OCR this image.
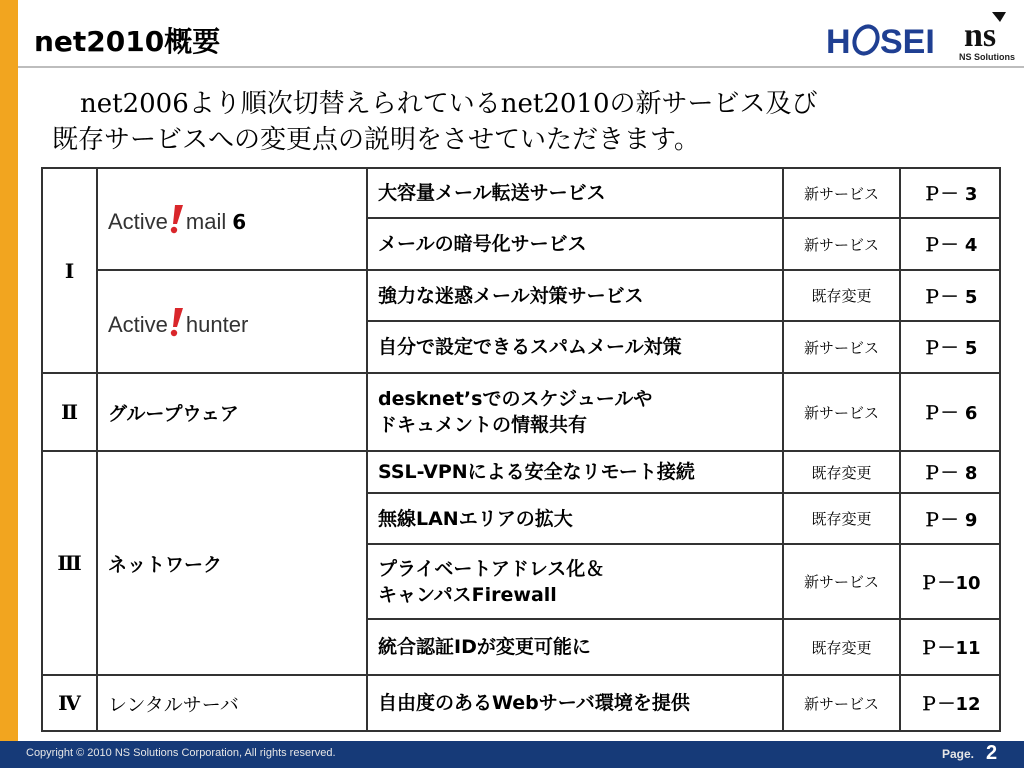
net2010概要	H SEI ns
NS Solutions
net2006より順次切替えられているnet2010の新サービス及び
既存サービスへの変更点の説明をさせていただきます。
Ⅰ	Active mail 6	大容量メール転送サービス	新サービス	Ｐ－ 3
		メールの暗号化サービス	新サービス	Ｐ－ 4

	Active hunter	強力な迷惑メール対策サービス	既存変更	Ｐ－ 5
		自分で設定できるスパムメール対策	新サービス	Ｐ－ 5
Ⅱ	グループウェア	desknet’sでのスケジュールや
ドキュメントの情報共有	新サービス	Ｐ－ 6
Ⅲ	ネットワーク	SSL-VPNによる安全なリモート接続	既存変更	Ｐ－ 8
		無線LANエリアの拡大	既存変更	Ｐ－ 9
		プライベートアドレス化＆
キャンパスFirewall	新サービス	Ｐ－10
		統合認証IDが変更可能に	既存変更	Ｐ－11
Ⅳ	レンタルサーバ	自由度のあるWebサーバ環境を提供	新サービス	Ｐ－12
Copyright © 2010 NS Solutions Corporation, All rights reserved.	Page. 2
